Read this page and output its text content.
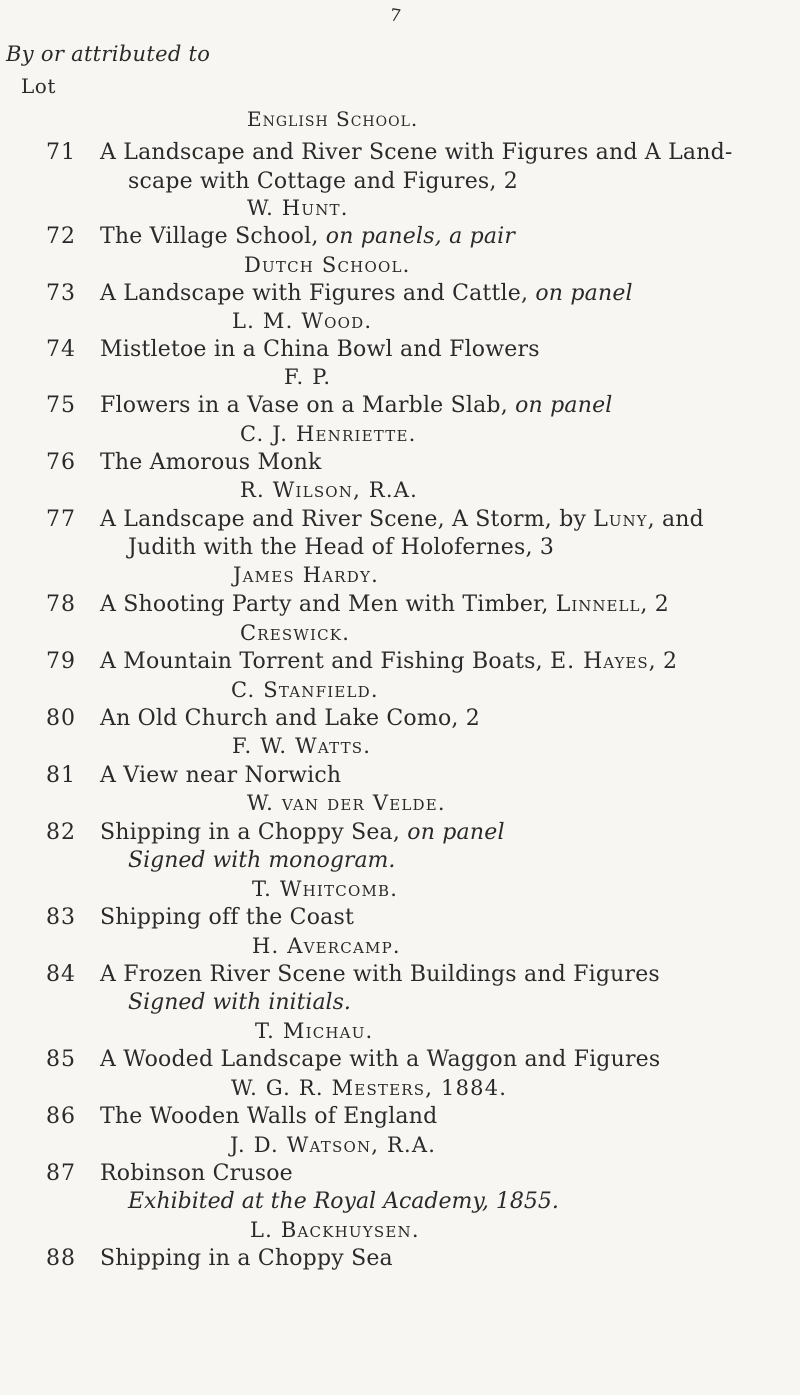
7
By or attributed to
Lot
English School.
71 A Landscape and River Scene with Figures and A Land-
scape with Cottage and Figures, 2
W. Hunt.
72 The Village School, on panels, a pair
Dutch School.
73 A Landscape with Figures and Cattle, on panel
L. M. Wood.
74 Mistletoe in a China Bowl and Flowers
F. P.
75 Flowers in a Vase on a Marble Slab, on panel
C. J. Henriette.
76 The Amorous Monk
R. Wilson, R.A.
77 A Landscape and River Scene, A Storm, by Luny, and
Judith with the Head of Holofernes, 3
James Hardy.
78 A Shooting Party and Men with Timber, Linnell, 2
Creswick.
79 A Mountain Torrent and Fishing Boats, E. Hayes, 2
C. Stanfield.
80 An Old Church and Lake Como, 2
F. W. Watts.
81 A View near Norwich
W. van der Velde.
82 Shipping in a Choppy Sea, on panel
Signed with monogram.
T. Whitcomb.
83 Shipping off the Coast
H. Avercamp.
84 A Frozen River Scene with Buildings and Figures
Signed with initials.
T. Michau.
85 A Wooded Landscape with a Waggon and Figures
W. G. R. Mesters, 1884.
86 The Wooden Walls of England
J. D. Watson, R.A.
87 Robinson Crusoe
Exhibited at the Royal Academy, 1855.
L. Backhuysen.
88 Shipping in a Choppy Sea
